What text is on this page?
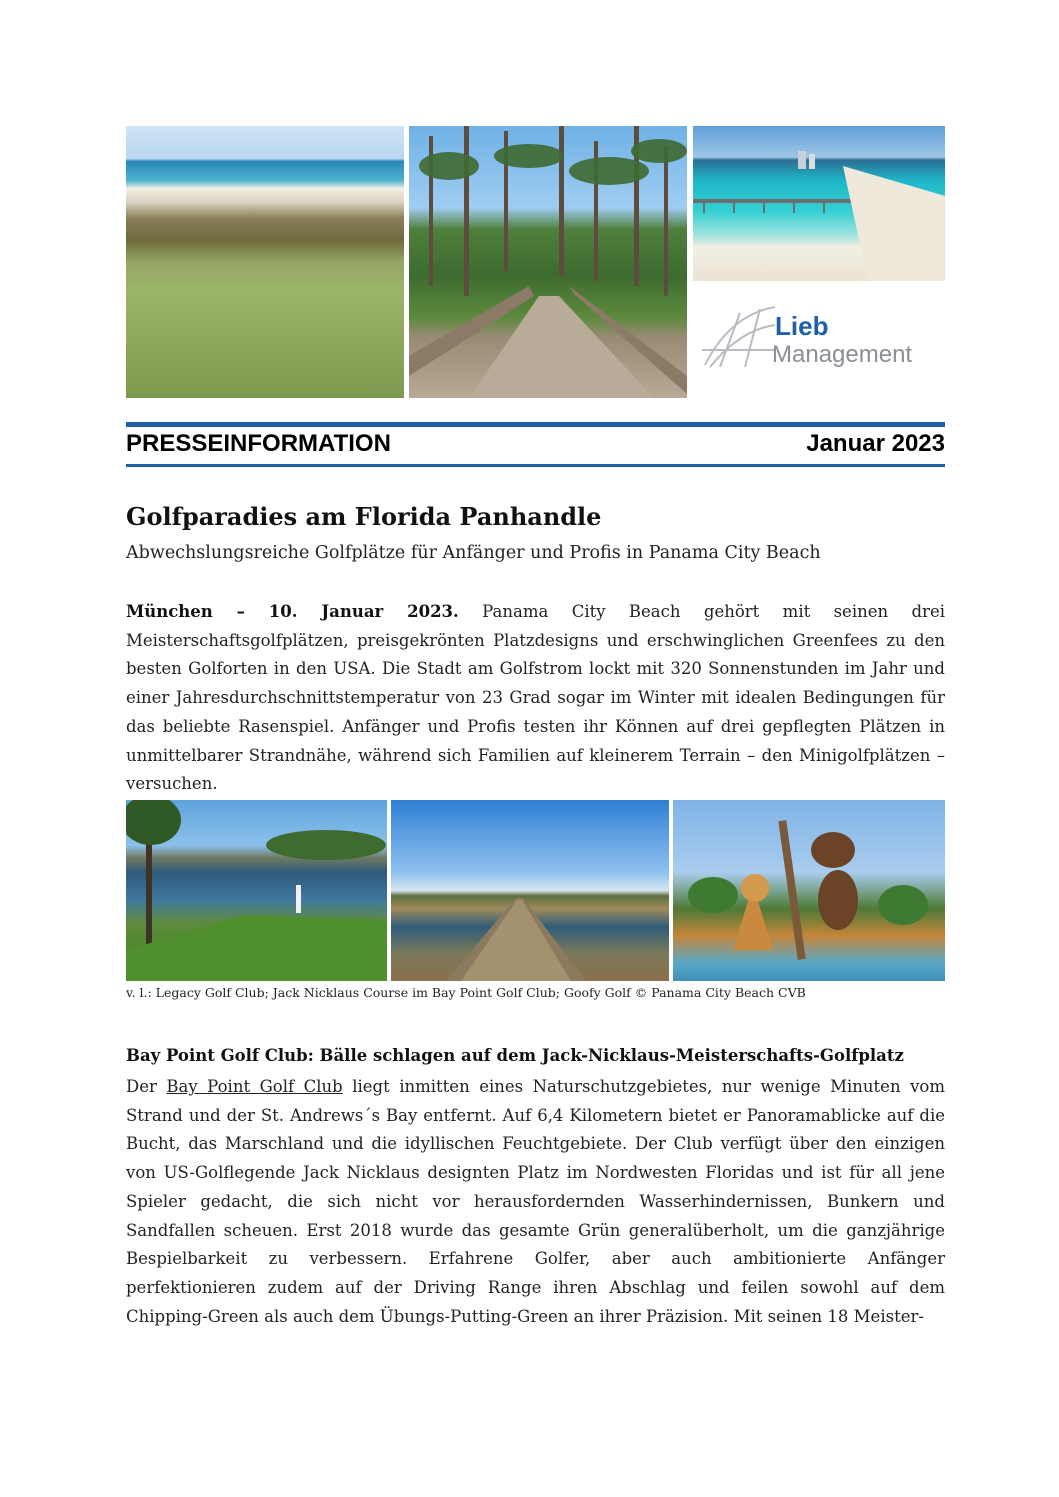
Lieb
Management
PRESSEINFORMATION	Januar 2023
Golfparadies am Florida Panhandle
Abwechslungsreiche Golfplätze für Anfänger und Profis in Panama City Beach
München – 10. Januar 2023. Panama City Beach gehört mit seinen drei Meisterschaftsgolfplätzen, preisgekrönten Platzdesigns und erschwinglichen Greenfees zu den besten Golforten in den USA. Die Stadt am Golfstrom lockt mit 320 Sonnenstunden im Jahr und einer Jahresdurchschnittstemperatur von 23 Grad sogar im Winter mit idealen Bedingungen für das beliebte Rasenspiel. Anfänger und Profis testen ihr Können auf drei gepflegten Plätzen in unmittelbarer Strandnähe, während sich Familien auf kleinerem Terrain – den Minigolfplätzen – versuchen.
v. l.: Legacy Golf Club; Jack Nicklaus Course im Bay Point Golf Club; Goofy Golf © Panama City Beach CVB
Bay Point Golf Club: Bälle schlagen auf dem Jack-Nicklaus-Meisterschafts-Golfplatz
Der Bay Point Golf Club liegt inmitten eines Naturschutzgebietes, nur wenige Minuten vom Strand und der St. Andrews´s Bay entfernt. Auf 6,4 Kilometern bietet er Panoramablicke auf die Bucht, das Marschland und die idyllischen Feuchtgebiete. Der Club verfügt über den einzigen von US-Golflegende Jack Nicklaus designten Platz im Nordwesten Floridas und ist für all jene Spieler gedacht, die sich nicht vor herausfordernden Wasserhindernissen, Bunkern und Sandfallen scheuen. Erst 2018 wurde das gesamte Grün generalüberholt, um die ganzjährige Bespielbarkeit zu verbessern. Erfahrene Golfer, aber auch ambitionierte Anfänger perfektionieren zudem auf der Driving Range ihren Abschlag und feilen sowohl auf dem Chipping-Green als auch dem Übungs-Putting-Green an ihrer Präzision. Mit seinen 18 Meister-
